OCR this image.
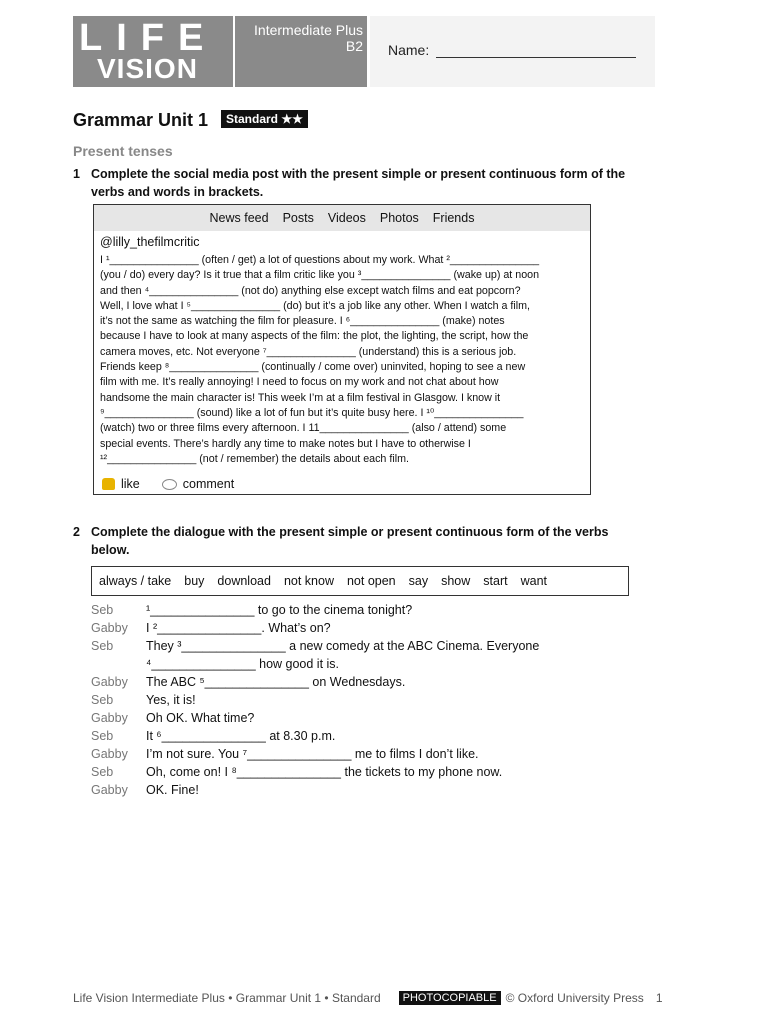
LIFE
VISION
Intermediate Plus
B2 Name:
Grammar Unit 1	Standard ★★
Present tenses
1 Complete the social media post with the present simple or present continuous form of the verbs and words in brackets.
News feed Posts Videos Photos Friends
@lilly_thefilmcritic
I ¹_______________ (often / get) a lot of questions about my work. What ²_______________
(you / do) every day? Is it true that a film critic like you ³_______________ (wake up) at noon
and then ⁴_______________ (not do) anything else except watch films and eat popcorn?
Well, I love what I ⁵_______________ (do) but it’s a job like any other. When I watch a film,
it’s not the same as watching the film for pleasure. I ⁶_______________ (make) notes
because I have to look at many aspects of the film: the plot, the lighting, the script, how the
camera moves, etc. Not everyone ⁷_______________ (understand) this is a serious job.
Friends keep ⁸_______________ (continually / come over) uninvited, hoping to see a new
film with me. It’s really annoying! I need to focus on my work and not chat about how
handsome the main character is! This week I’m at a film festival in Glasgow. I know it
⁹_______________ (sound) like a lot of fun but it’s quite busy here. I ¹⁰_______________
(watch) two or three films every afternoon. I 11_______________ (also / attend) some
special events. There’s hardly any time to make notes but I have to otherwise I
¹²_______________ (not / remember) the details about each film.
like	comment
2 Complete the dialogue with the present simple or present continuous form of the verbs below.
always / take buy download not know not open say show start want
Seb	¹_______________ to go to the cinema tonight?
Gabby	I ²_______________. What’s on?
Seb	They ³_______________ a new comedy at the ABC Cinema. Everyone
⁴_______________ how good it is.
Gabby	The ABC ⁵_______________ on Wednesdays.
Seb	Yes, it is!
Gabby	Oh OK. What time?
Seb	It ⁶_______________ at 8.30 p.m.
Gabby	I’m not sure. You ⁷_______________ me to films I don’t like.
Seb	Oh, come on! I ⁸_______________ the tickets to my phone now.
Gabby	OK. Fine!
Life Vision Intermediate Plus • Grammar Unit 1 • Standard	PHOTOCOPIABLE © Oxford University Press 1
